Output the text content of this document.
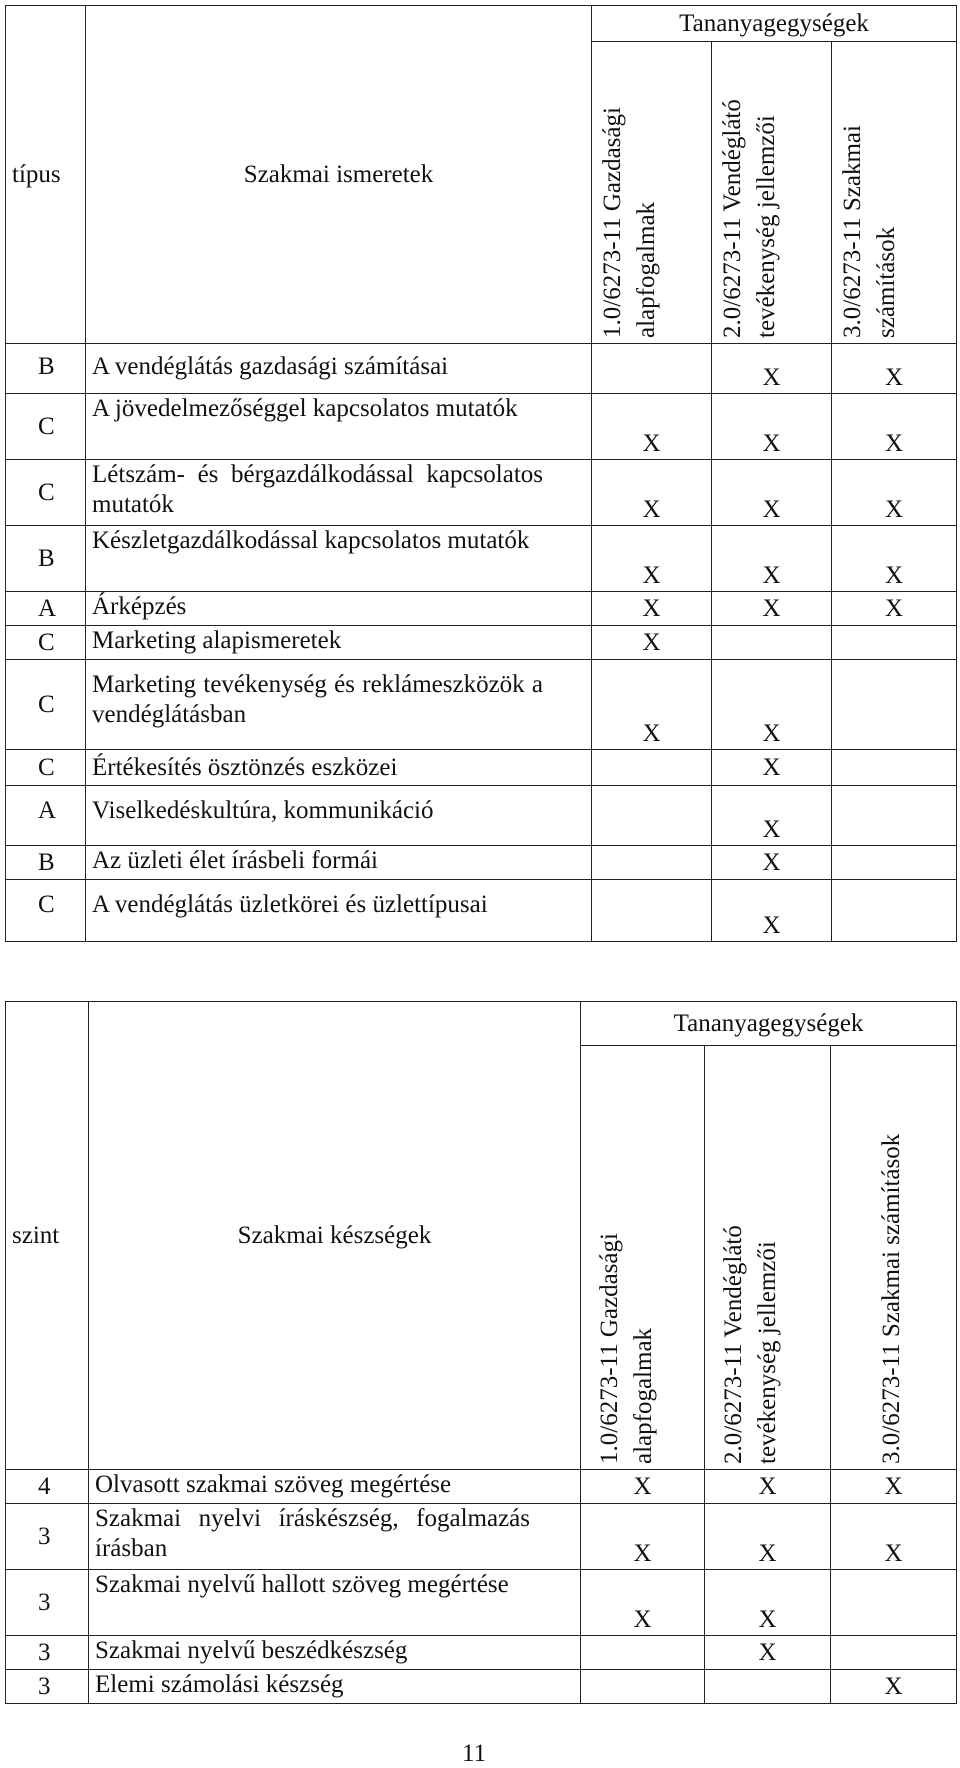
típus	Szakmai ismeretek	Tananyagegységek		

		1.0/6273-11 Gazdasági alapfogalmak	2.0/6273-11 Vendéglátó tevékenység jellemzői	3.0/6273-11 Szakmai számítások

B	A vendéglátás gazdasági számításai		X	X
C	A jövedelmezőséggel kapcsolatos mutatók	X	X	X
C	Létszám- és bérgazdálkodással kapcsolatos mutatók	X	X	X
B	Készletgazdálkodással kapcsolatos mutatók	X	X	X
A	Árképzés	X	X	X
C	Marketing alapismeretek	X		
C	Marketing tevékenység és reklámeszközök a vendéglátásban	X	X	
C	Értékesítés ösztönzés eszközei		X	
A	Viselkedéskultúra, kommunikáció		X	
B	Az üzleti élet írásbeli formái		X	
C	A vendéglátás üzletkörei és üzlettípusai		X	
szint	Szakmai készségek	Tananyagegységek		

		1.0/6273-11 Gazdasági alapfogalmak	2.0/6273-11 Vendéglátó tevékenység jellemzői	3.0/6273-11 Szakmai számítások

4	Olvasott szakmai szöveg megértése	X	X	X
3	Szakmai nyelvi íráskészség, fogalmazás írásban	X	X	X
3	Szakmai nyelvű hallott szöveg megértése	X	X	
3	Szakmai nyelvű beszédkészség		X	
3	Elemi számolási készség			X
11
